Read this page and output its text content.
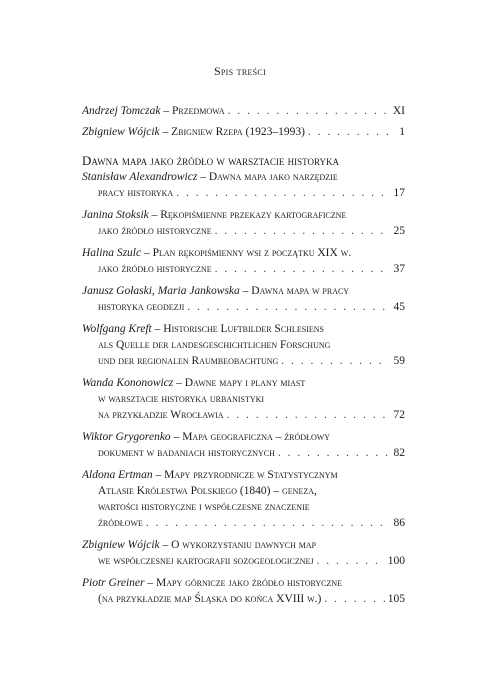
Spis treści
Andrzej Tomczak – Przedmowa . . .	XI
Zbigniew Wójcik – Zbigniew Rzepa (1923–1993) . . .	1
Dawna mapa jako źródło w warsztacie historyka
Stanisław Alexandrowicz – Dawna mapa jako narzędzie
pracy historyka . . .	17
Janina Stoksik – Rękopiśmienne przekazy kartograficzne
jako źródło historyczne . . .	25
Halina Szulc – Plan rękopiśmienny wsi z początku XIX w.
jako źródło historyczne . . .	37
Janusz Gołaski, Maria Jankowska – Dawna mapa w pracy
historyka geodezji . . .	45
Wolfgang Kreft – Historische Luftbilder Schlesiens
als Quelle der landesgeschichtlichen Forschung
und der regionalen Raumbeobachtung . . .	59
Wanda Kononowicz – Dawne mapy i plany miast
w warsztacie historyka urbanistyki
na przykładzie Wrocławia . . .	72
Wiktor Grygorenko – Mapa geograficzna – źródłowy
dokument w badaniach historycznych . . .	82
Aldona Ertman – Mapy przyrodnicze w Statystycznym
Atlasie Królestwa Polskiego (1840) – geneza,
wartości historyczne i współczesne znaczenie
źródłowe . . .	86
Zbigniew Wójcik – O wykorzystaniu dawnych map
we współczesnej kartografii sozogeologicznej . . .	100
Piotr Greiner – Mapy górnicze jako źródło historyczne
(na przykładzie map Śląska do końca XVIII w.) . . .	105
